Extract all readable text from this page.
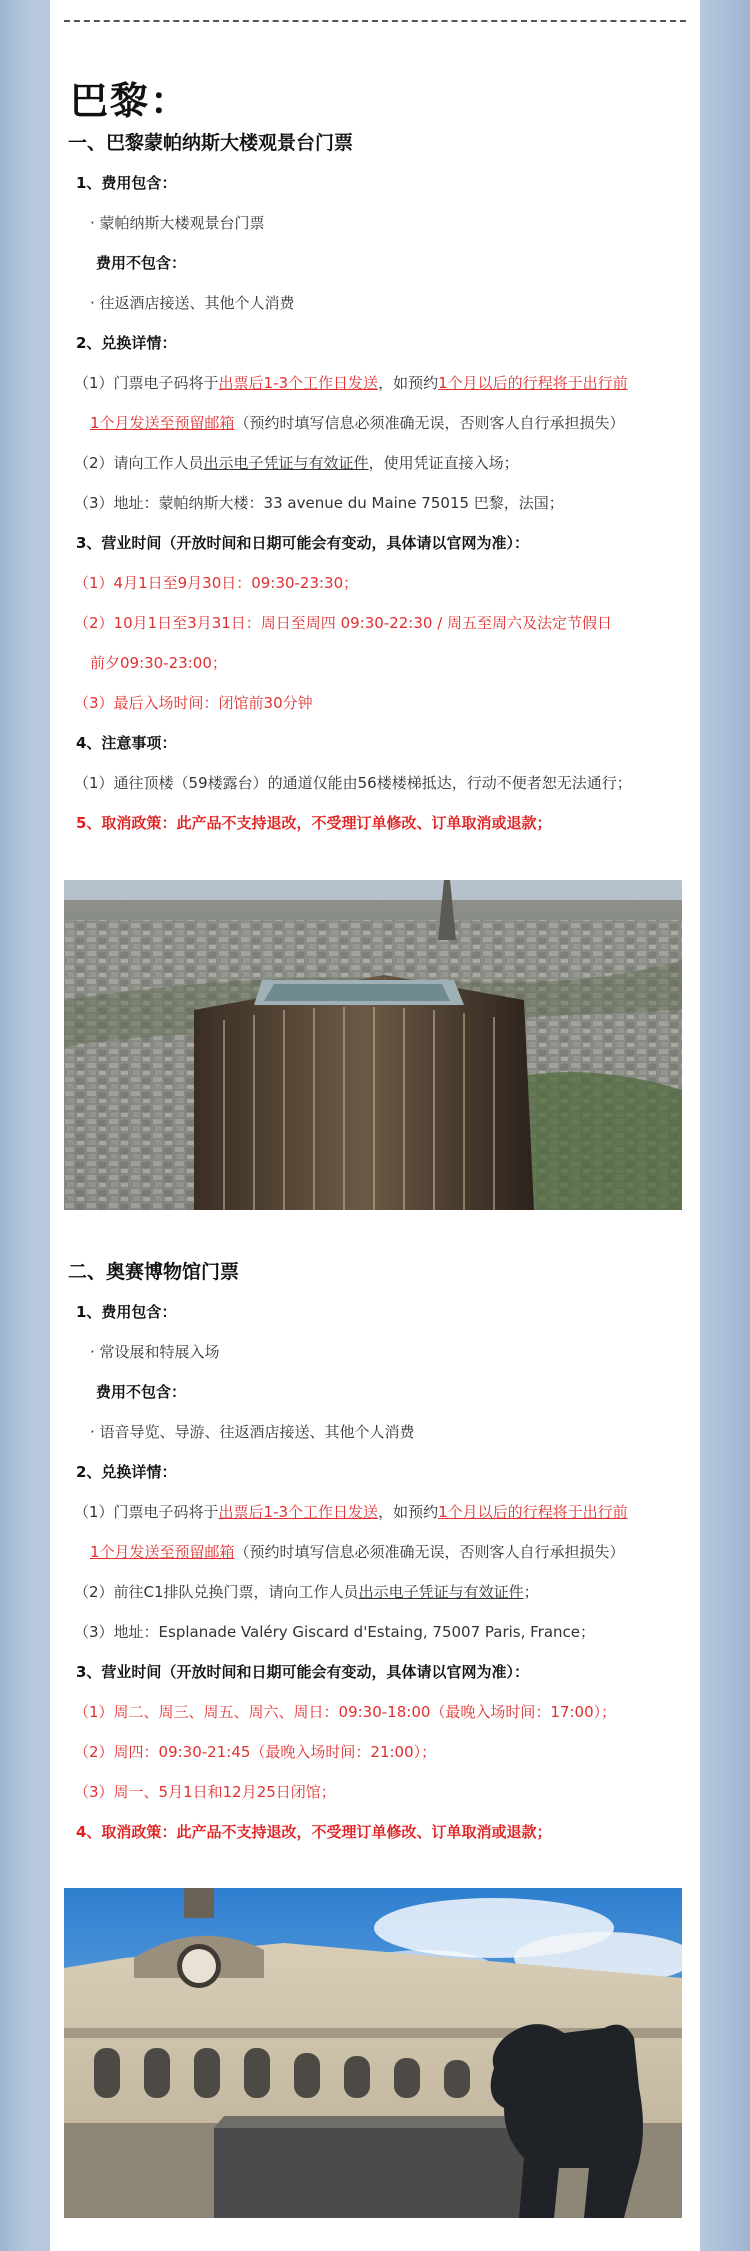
巴黎：
一、巴黎蒙帕纳斯大楼观景台门票
1、费用包含：
· 蒙帕纳斯大楼观景台门票
费用不包含：
· 往返酒店接送、其他个人消费
2、兑换详情：
（1）门票电子码将于出票后1-3个工作日发送，如预约1个月以后的行程将于出行前
1个月发送至预留邮箱（预约时填写信息必须准确无误，否则客人自行承担损失）
（2）请向工作人员出示电子凭证与有效证件，使用凭证直接入场；
（3）地址：蒙帕纳斯大楼：33 avenue du Maine 75015 巴黎，法国；
3、营业时间（开放时间和日期可能会有变动，具体请以官网为准）：
（1）4月1日至9月30日：09:30-23:30；
（2）10月1日至3月31日：周日至周四 09:30-22:30 / 周五至周六及法定节假日
前夕09:30-23:00；
（3）最后入场时间：闭馆前30分钟
4、注意事项：
（1）通往顶楼（59楼露台）的通道仅能由56楼楼梯抵达，行动不便者恕无法通行；
5、取消政策：此产品不支持退改，不受理订单修改、订单取消或退款；
二、奥赛博物馆门票
1、费用包含：
· 常设展和特展入场
费用不包含：
· 语音导览、导游、往返酒店接送、其他个人消费
2、兑换详情：
（1）门票电子码将于出票后1-3个工作日发送，如预约1个月以后的行程将于出行前
1个月发送至预留邮箱（预约时填写信息必须准确无误，否则客人自行承担损失）
（2）前往C1排队兑换门票，请向工作人员出示电子凭证与有效证件；
（3）地址：Esplanade Valéry Giscard d'Estaing, 75007 Paris, France；
3、营业时间（开放时间和日期可能会有变动，具体请以官网为准）：
（1）周二、周三、周五、周六、周日：09:30-18:00（最晚入场时间：17:00）；
（2）周四：09:30-21:45（最晚入场时间：21:00）；
（3）周一、5月1日和12月25日闭馆；
4、取消政策：此产品不支持退改，不受理订单修改、订单取消或退款；
